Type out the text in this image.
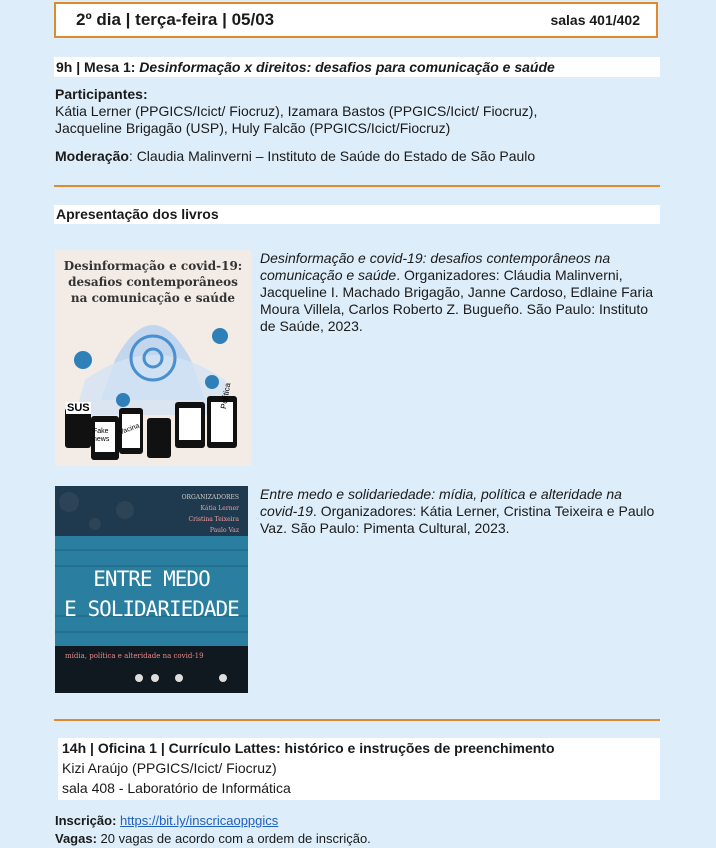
2º dia | terça-feira | 05/03	salas 401/402
9h | Mesa 1: Desinformação x direitos: desafios para comunicação e saúde
Participantes:
Kátia Lerner (PPGICS/Icict/ Fiocruz), Izamara Bastos (PPGICS/Icict/ Fiocruz),
Jacqueline Brigagão (USP), Huly Falcão (PPGICS/Icict/Fiocruz)
Moderação: Claudia Malinverni – Instituto de Saúde do Estado de São Paulo
Apresentação dos livros
Desinformação e covid-19:
desafios contemporâneos
na comunicação e saúde
SUS
Fake news
Vacina
Política
Desinformação e covid-19: desafios contemporâneos na comunicação e saúde. Organizadores: Cláudia Malinverni, Jacqueline I. Machado Brigagão, Janne Cardoso, Edlaine Faria Moura Villela, Carlos Roberto Z. Bugueño. São Paulo: Instituto de Saúde, 2023.
ORGANIZADORES
Kátia Lerner
Cristina Teixeira
Paulo Vaz
ENTRE MEDO
E SOLIDARIEDADE
mídia, política e alteridade na covid-19
Entre medo e solidariedade: mídia, política e alteridade na covid-19. Organizadores: Kátia Lerner, Cristina Teixeira e Paulo Vaz. São Paulo: Pimenta Cultural, 2023.
14h | Oficina 1 | Currículo Lattes: histórico e instruções de preenchimento
Kizi Araújo (PPGICS/Icict/ Fiocruz)
sala 408 - Laboratório de Informática
Inscrição: https://bit.ly/inscricaoppgics
Vagas: 20 vagas de acordo com a ordem de inscrição.
